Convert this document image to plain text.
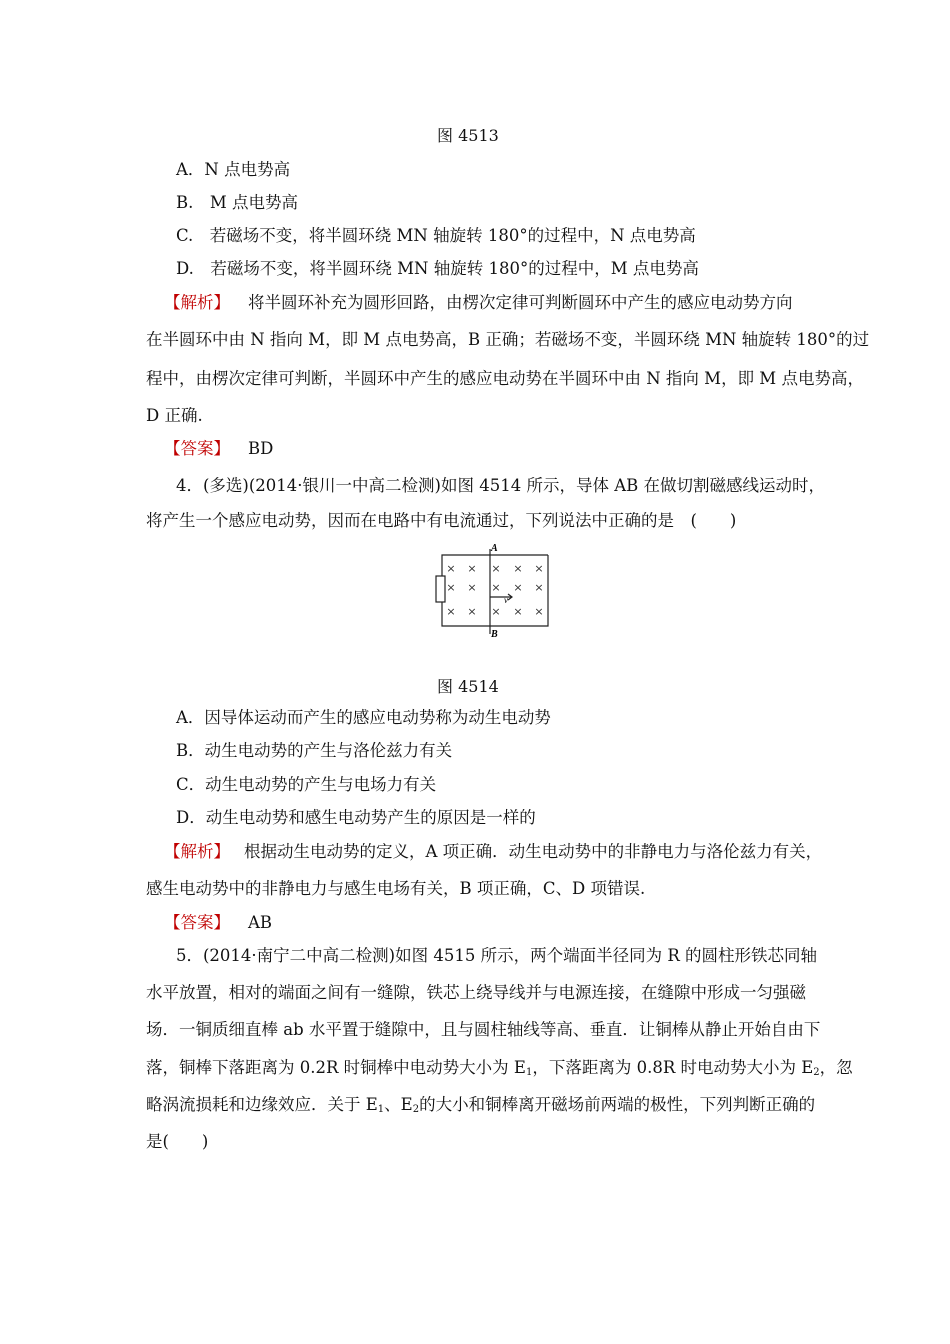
图 4513
A．N 点电势高
B.　M 点电势高
C.　若磁场不变，将半圆环绕 MN 轴旋转 180°的过程中，N 点电势高
D.　若磁场不变，将半圆环绕 MN 轴旋转 180°的过程中，M 点电势高
【解析】 将半圆环补充为圆形回路，由楞次定律可判断圆环中产生的感应电动势方向
在半圆环中由 N 指向 M，即 M 点电势高，B 正确；若磁场不变，半圆环绕 MN 轴旋转 180°的过
程中，由楞次定律可判断，半圆环中产生的感应电动势在半圆环中由 N 指向 M，即 M 点电势高，
D 正确.
【答案】 BD
4．(多选)(2014·银川一中高二检测)如图 4514 所示，导体 AB 在做切割磁感线运动时，
将产生一个感应电动势，因而在电路中有电流通过，下列说法中正确的是　(　　)
A
B
v
× × × × ×
× × × × ×
× × × × ×
图 4514
A．因导体运动而产生的感应电动势称为动生电动势
B．动生电动势的产生与洛伦兹力有关
C．动生电动势的产生与电场力有关
D．动生电动势和感生电动势产生的原因是一样的
【解析】 根据动生电动势的定义，A 项正确．动生电动势中的非静电力与洛伦兹力有关，
感生电动势中的非静电力与感生电场有关，B 项正确，C、D 项错误.
【答案】 AB
5．(2014·南宁二中高二检测)如图 4515 所示，两个端面半径同为 R 的圆柱形铁芯同轴
水平放置，相对的端面之间有一缝隙，铁芯上绕导线并与电源连接，在缝隙中形成一匀强磁
场．一铜质细直棒 ab 水平置于缝隙中，且与圆柱轴线等高、垂直．让铜棒从静止开始自由下
落，铜棒下落距离为 0.2R 时铜棒中电动势大小为 $E_1$，下落距离为 0.8R 时电动势大小为 $E_2$，忽
略涡流损耗和边缘效应．关于 $E_1$、$E_2$的大小和铜棒离开磁场前两端的极性，下列判断正确的
是(　　)
